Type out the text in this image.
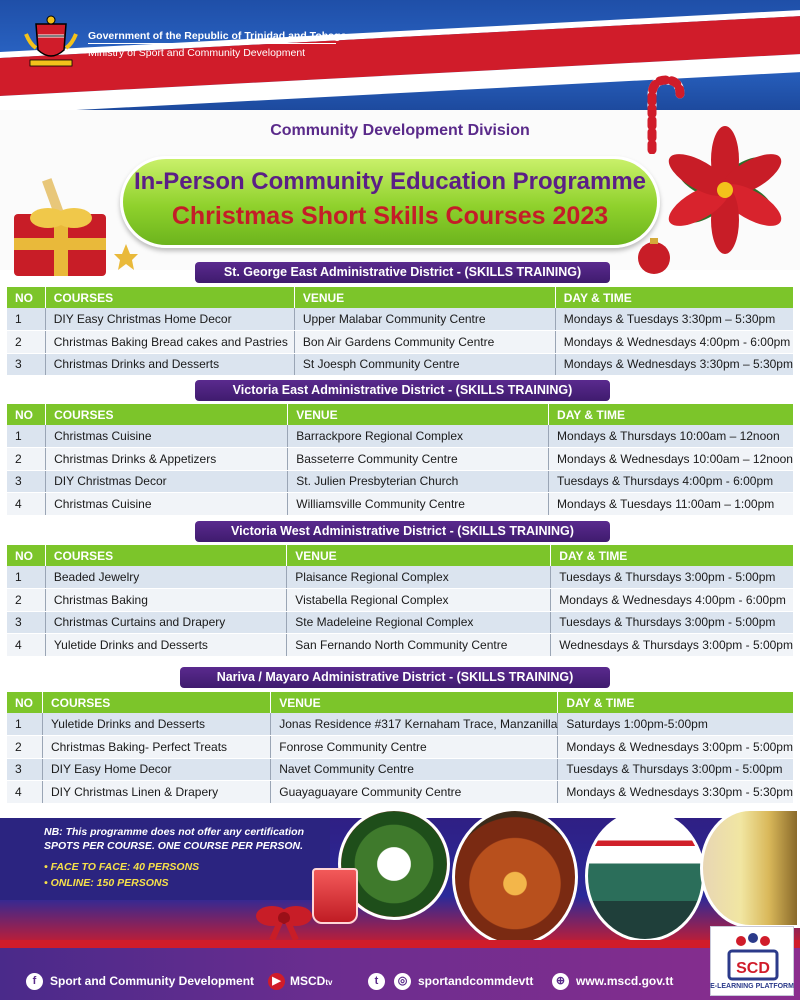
Government of the Republic of Trinidad and Tobago
Ministry of Sport and Community Development
Community Development Division
In-Person Community Education Programme
Christmas Short Skills Courses 2023
St. George East Administrative District - (SKILLS TRAINING)
NO	COURSES	VENUE	DAY & TIME
1	DIY Easy Christmas Home Decor	Upper Malabar Community Centre	Mondays & Tuesdays 3:30pm – 5:30pm
2	Christmas Baking Bread cakes and Pastries	Bon Air Gardens Community Centre	Mondays & Wednesdays 4:00pm - 6:00pm
3	Christmas Drinks and Desserts	St Joesph Community Centre	Mondays & Wednesdays 3:30pm – 5:30pm
Victoria East Administrative District - (SKILLS TRAINING)
NO	COURSES	VENUE	DAY & TIME
1	Christmas Cuisine	Barrackpore Regional Complex	Mondays & Thursdays 10:00am – 12noon
2	Christmas Drinks & Appetizers	Basseterre Community Centre	Mondays & Wednesdays 10:00am – 12noon
3	DIY Christmas Decor	St. Julien Presbyterian Church	Tuesdays & Thursdays 4:00pm - 6:00pm
4	Christmas Cuisine	Williamsville Community Centre	Mondays & Tuesdays 11:00am – 1:00pm
Victoria West Administrative District - (SKILLS TRAINING)
NO	COURSES	VENUE	DAY & TIME
1	Beaded Jewelry	Plaisance Regional Complex	Tuesdays & Thursdays 3:00pm - 5:00pm
2	Christmas Baking	Vistabella Regional Complex	Mondays & Wednesdays 4:00pm - 6:00pm
3	Christmas Curtains and Drapery	Ste Madeleine Regional Complex	Tuesdays & Thursdays 3:00pm - 5:00pm
4	Yuletide Drinks and Desserts	San Fernando North Community Centre	Wednesdays & Thursdays 3:00pm - 5:00pm
Nariva / Mayaro Administrative District - (SKILLS TRAINING)
NO	COURSES	VENUE	DAY & TIME
1	Yuletide Drinks and Desserts	Jonas Residence #317 Kernaham Trace, Manzanilla	Saturdays 1:00pm-5:00pm
2	Christmas Baking- Perfect Treats	Fonrose Community Centre	Mondays & Wednesdays 3:00pm - 5:00pm
3	DIY Easy Home Decor	Navet Community Centre	Tuesdays & Thursdays 3:00pm - 5:00pm
4	DIY Christmas Linen & Drapery	Guayaguayare Community Centre	Mondays & Wednesdays 3:30pm - 5:30pm
NB: This programme does not offer any certification
SPOTS PER COURSE. ONE COURSE PER PERSON.
• FACE TO FACE: 40 PERSONS
• ONLINE: 150 PERSONS
f	Sport and Community Development	▶ MSCDtv	t	◎ sportandcommdevtt	⊕ www.mscd.gov.tt
SCD
E-LEARNING PLATFORM
